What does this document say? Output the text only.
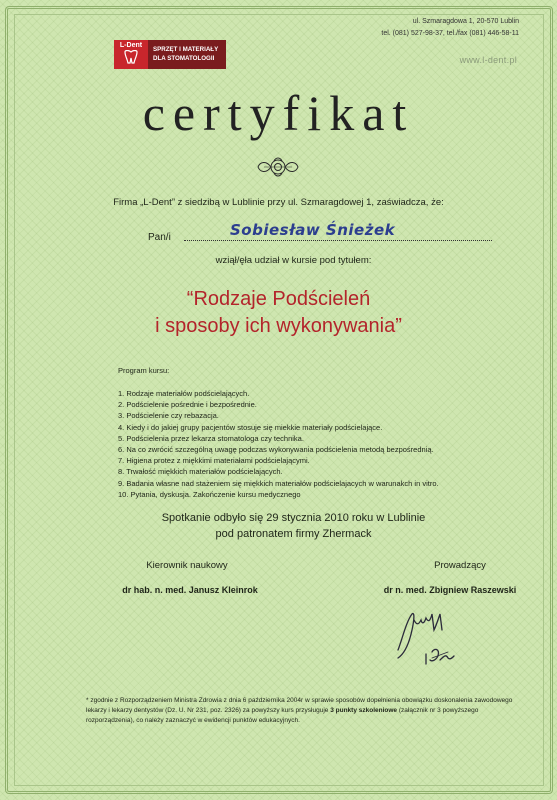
ul. Szmaragdowa 1, 20-570 Lublin
tel. (081) 527-98-37, tel./fax (081) 446-58-11
L-Dent
SPRZĘT I MATERIAŁY
DLA STOMATOLOGII	www.l-dent.pl
certyfikat
Firma „L-Dent” z siedzibą w Lublinie przy ul. Szmaragdowej 1, zaświadcza, że:
Pan/i	Sobiesław Śnieżek
wziął/ęła udział w kursie pod tytułem:
“Rodzaje Podścieleń
i sposoby ich wykonywania”
Program kursu:
1. Rodzaje materiałów podścielających.
2. Podścielenie pośrednie i bezpośrednie.
3. Podścielenie czy rebazacja.
4. Kiedy i do jakiej grupy pacjentów stosuje się miekkie materiały podścielające.
5. Podścielenia przez lekarza stomatologa czy technika.
6. Na co zwrócić szczególną uwagę podczas wykonywania podścielenia metodą bezpośrednią.
7. Higiena protez z miękkimi materiałami podścielającymi.
8. Trwałość miękkich materiałów podścielających.
9. Badania własne nad stażeniem się miękkich materiałów podścielajacych w warunakch in vitro.
10. Pytania, dyskusja. Zakończenie kursu medycznego
Spotkanie odbyło się 29 stycznia 2010 roku w Lublinie
pod patronatem firmy Zhermack
Kierownik naukowy
dr hab. n. med. Janusz Kleinrok
Prowadzący
dr n. med. Zbigniew Raszewski
* zgodnie z Rozporządzeniem Ministra Zdrowia z dnia 6 października 2004r w sprawie sposobów dopełnienia obowiązku doskonalenia zawodowego lekarzy i lekarzy dentystów (Dz. U. Nr 231, poz. 2326) za powyższy kurs przysługuje 3 punkty szkoleniowe (załącznik nr 3 powyższego rozporządzenia), co należy zaznaczyć w ewidencji punktów edukacyjnych.
